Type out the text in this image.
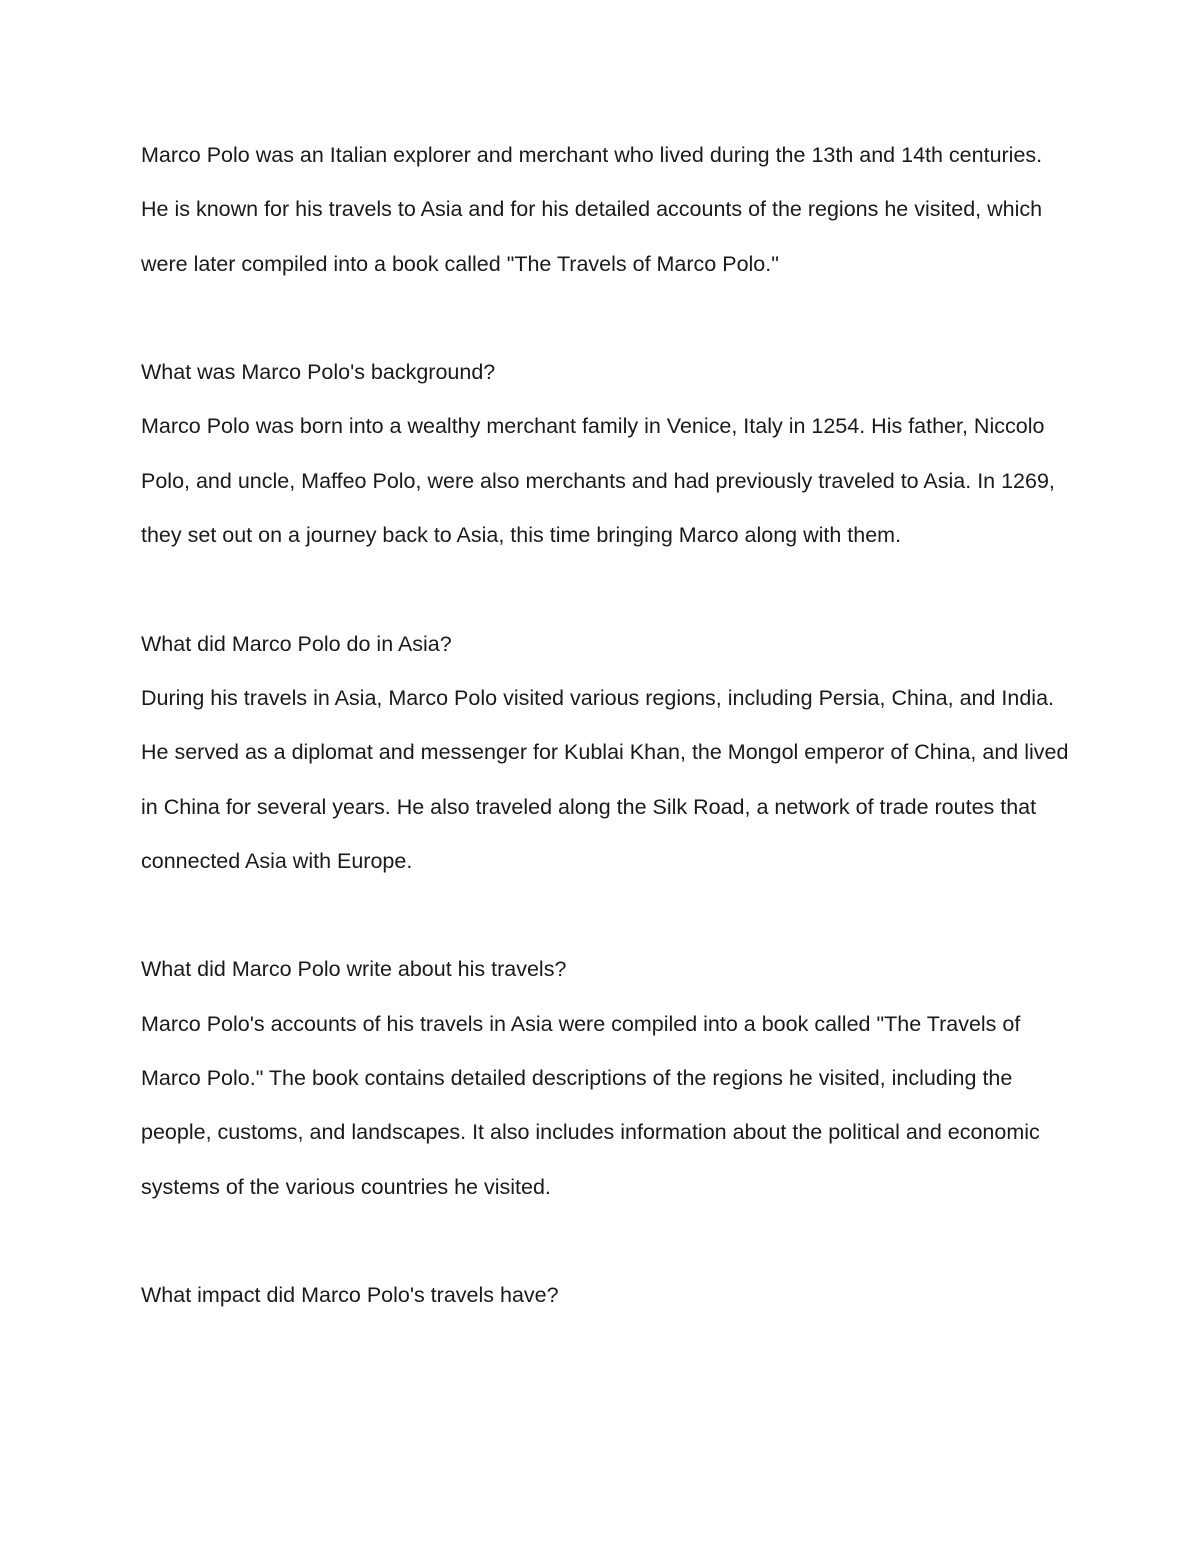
Marco Polo was an Italian explorer and merchant who lived during the 13th and 14th centuries. He is known for his travels to Asia and for his detailed accounts of the regions he visited, which were later compiled into a book called "The Travels of Marco Polo."

What was Marco Polo's background?

Marco Polo was born into a wealthy merchant family in Venice, Italy in 1254. His father, Niccolo Polo, and uncle, Maffeo Polo, were also merchants and had previously traveled to Asia. In 1269, they set out on a journey back to Asia, this time bringing Marco along with them.

What did Marco Polo do in Asia?

During his travels in Asia, Marco Polo visited various regions, including Persia, China, and India. He served as a diplomat and messenger for Kublai Khan, the Mongol emperor of China, and lived in China for several years. He also traveled along the Silk Road, a network of trade routes that connected Asia with Europe.

What did Marco Polo write about his travels?

Marco Polo's accounts of his travels in Asia were compiled into a book called "The Travels of Marco Polo." The book contains detailed descriptions of the regions he visited, including the people, customs, and landscapes. It also includes information about the political and economic systems of the various countries he visited.

What impact did Marco Polo's travels have?
